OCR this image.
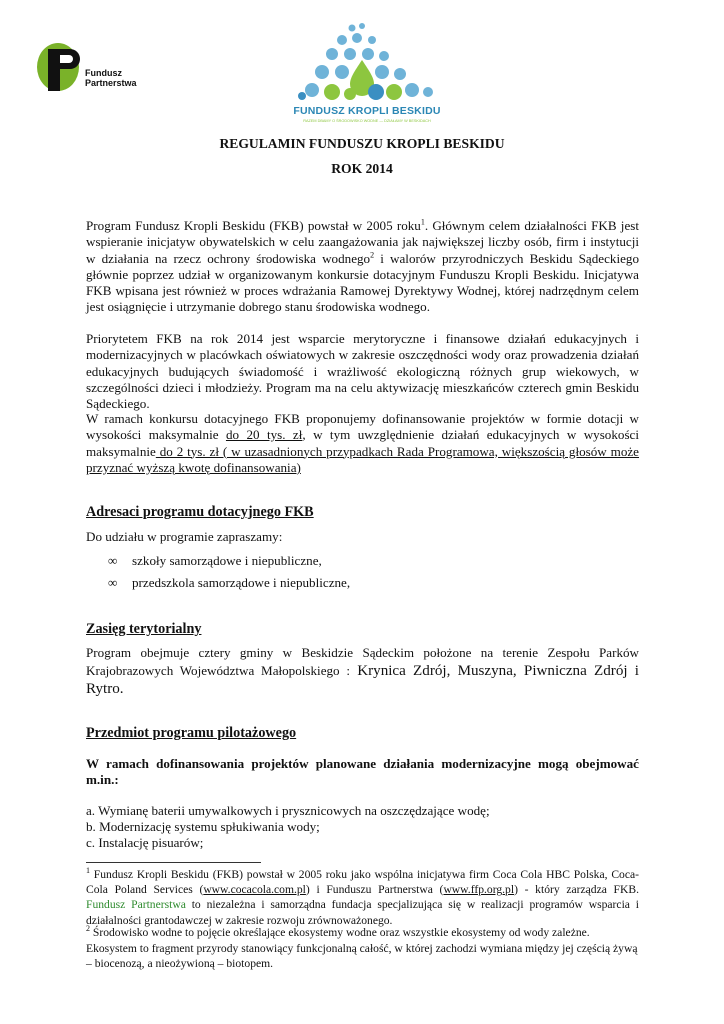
Fundusz
Partnerstwa
FUNDUSZ KROPLI BESKIDU
RAZEM DBAMY O ŚRODOWISKO WODNE — DZIAŁAMY W BESKIDACH

REGULAMIN FUNDUSZU KROPLI BESKIDU

ROK 2014

Program Fundusz Kropli Beskidu (FKB) powstał w 2005 roku$^1$. Głównym celem działalności FKB jest wspieranie inicjatyw obywatelskich w celu zaangażowania jak największej liczby osób, firm i instytucji w działania na rzecz ochrony środowiska wodnego$^2$ i walorów przyrodniczych Beskidu Sądeckiego głównie poprzez udział w organizowanym konkursie dotacyjnym Funduszu Kropli Beskidu. Inicjatywa FKB wpisana jest również w proces wdrażania Ramowej Dyrektywy Wodnej, której nadrzędnym celem jest osiągnięcie i utrzymanie dobrego stanu środowiska wodnego.

Priorytetem FKB na rok 2014 jest wsparcie merytoryczne i finansowe działań edukacyjnych i modernizacyjnych w placówkach oświatowych w zakresie oszczędności wody oraz prowadzenia działań edukacyjnych budujących świadomość i wrażliwość ekologiczną różnych grup wiekowych, w szczególności dzieci i młodzieży. Program ma na celu aktywizację mieszkańców czterech gmin Beskidu Sądeckiego.

W ramach konkursu dotacyjnego FKB proponujemy dofinansowanie projektów w formie dotacji w wysokości maksymalnie do 20 tys. zł, w tym uwzględnienie działań edukacyjnych w wysokości maksymalnie do 2 tys. zł ( w uzasadnionych przypadkach Rada Programowa, większością głosów może przyznać wyższą kwotę dofinansowania)

Adresaci programu dotacyjnego FKB

Do udziału w programie zapraszamy:

∞ szkoły samorządowe i niepubliczne,
∞ przedszkola samorządowe i niepubliczne,

Zasięg terytorialny

Program obejmuje cztery gminy w Beskidzie Sądeckim położone na terenie Zespołu Parków Krajobrazowych Województwa Małopolskiego : Krynica Zdrój, Muszyna, Piwniczna Zdrój i Rytro.

Przedmiot programu pilotażowego

W ramach dofinansowania projektów planowane działania modernizacyjne mogą obejmować m.in.:

a. Wymianę baterii umywalkowych i prysznicowych na oszczędzające wodę;

b. Modernizację systemu spłukiwania wody;

c. Instalację pisuarów;

$^1$ Fundusz Kropli Beskidu (FKB) powstał w 2005 roku jako wspólna inicjatywa firm Coca Cola HBC Polska, Coca-Cola Poland Services (www.cocacola.com.pl) i Funduszu Partnerstwa (www.ffp.org.pl) - który zarządza FKB. Fundusz Partnerstwa to niezależna i samorządna fundacja specjalizująca się w realizacji programów wsparcia i działalności grantodawczej w zakresie rozwoju zrównoważonego.

$^2$ Środowisko wodne to pojęcie określające ekosystemy wodne oraz wszystkie ekosystemy od wody zależne.

Ekosystem to fragment przyrody stanowiący funkcjonalną całość, w której zachodzi wymiana między jej częścią żywą – biocenozą, a nieożywioną – biotopem.
